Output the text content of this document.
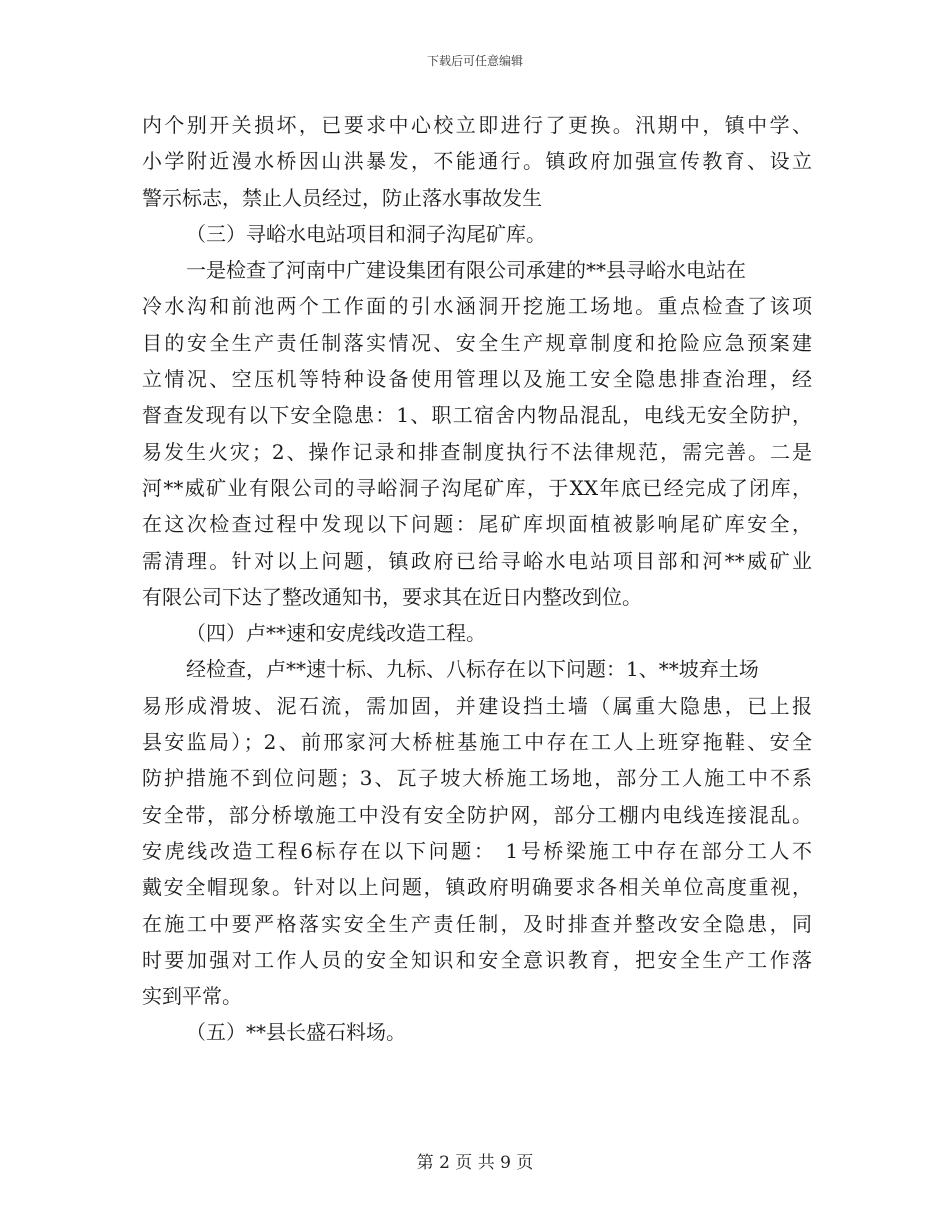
下载后可任意编辑
内个别开关损坏，已要求中心校立即进行了更换。汛期中，镇中学、
小学附近漫水桥因山洪暴发，不能通行。镇政府加强宣传教育、设立
警示标志，禁止人员经过，防止落水事故发生
（三）寻峪水电站项目和洞子沟尾矿库。
一是检查了河南中广建设集团有限公司承建的**县寻峪水电站在
冷水沟和前池两个工作面的引水涵洞开挖施工场地。重点检查了该项
目的安全生产责任制落实情况、安全生产规章制度和抢险应急预案建
立情况、空压机等特种设备使用管理以及施工安全隐患排查治理，经
督查发现有以下安全隐患：1、职工宿舍内物品混乱，电线无安全防护，
易发生火灾；2、操作记录和排查制度执行不法律规范，需完善。二是
河**威矿业有限公司的寻峪洞子沟尾矿库，于XX年底已经完成了闭库，
在这次检查过程中发现以下问题：尾矿库坝面植被影响尾矿库安全，
需清理。针对以上问题，镇政府已给寻峪水电站项目部和河**威矿业
有限公司下达了整改通知书，要求其在近日内整改到位。
（四）卢**速和安虎线改造工程。
经检查，卢**速十标、九标、八标存在以下问题：1、**坡弃土场
易形成滑坡、泥石流，需加固，并建设挡土墙（属重大隐患，已上报
县安监局）；2、前邢家河大桥桩基施工中存在工人上班穿拖鞋、安全
防护措施不到位问题；3、瓦子坡大桥施工场地，部分工人施工中不系
安全带，部分桥墩施工中没有安全防护网，部分工棚内电线连接混乱。
安虎线改造工程6标存在以下问题： 1号桥梁施工中存在部分工人不
戴安全帽现象。针对以上问题，镇政府明确要求各相关单位高度重视，
在施工中要严格落实安全生产责任制，及时排查并整改安全隐患，同
时要加强对工作人员的安全知识和安全意识教育，把安全生产工作落
实到平常。
（五）**县长盛石料场。
第 2 页 共 9 页
